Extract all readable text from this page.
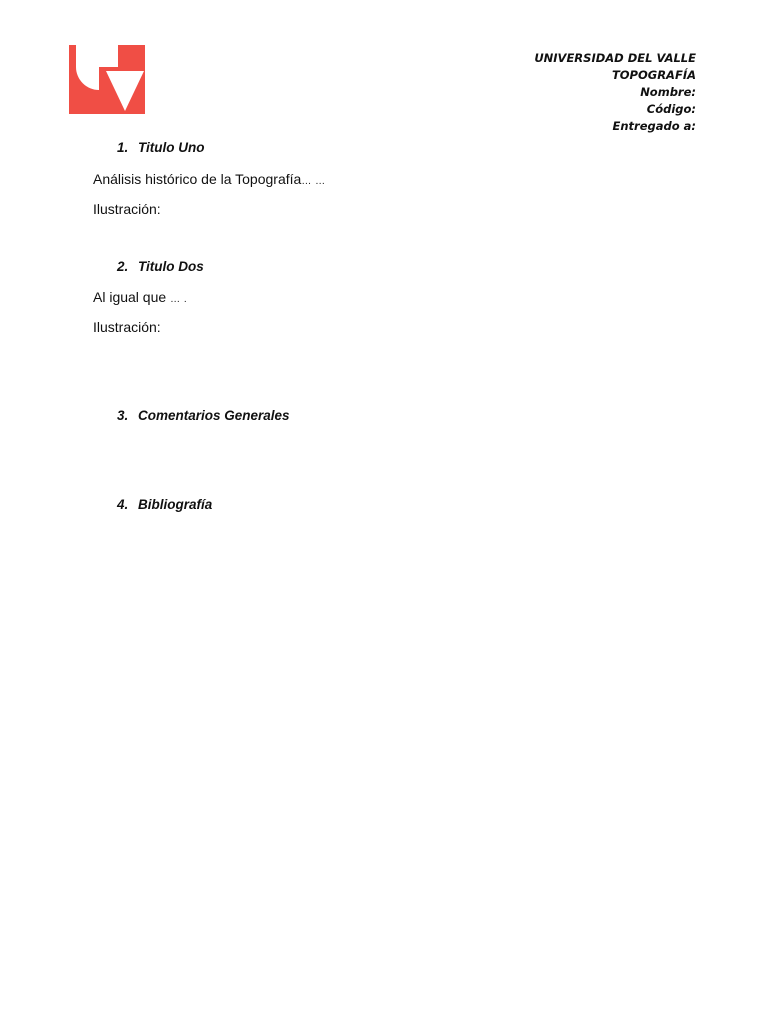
UNIVERSIDAD DEL VALLE
TOPOGRAFÍA
Nombre:
Código:
Entregado a:
1. Titulo Uno
Análisis histórico de la Topografía… …
Ilustración:
2. Titulo Dos
Al igual que … .
Ilustración:
3. Comentarios Generales
4. Bibliografía
